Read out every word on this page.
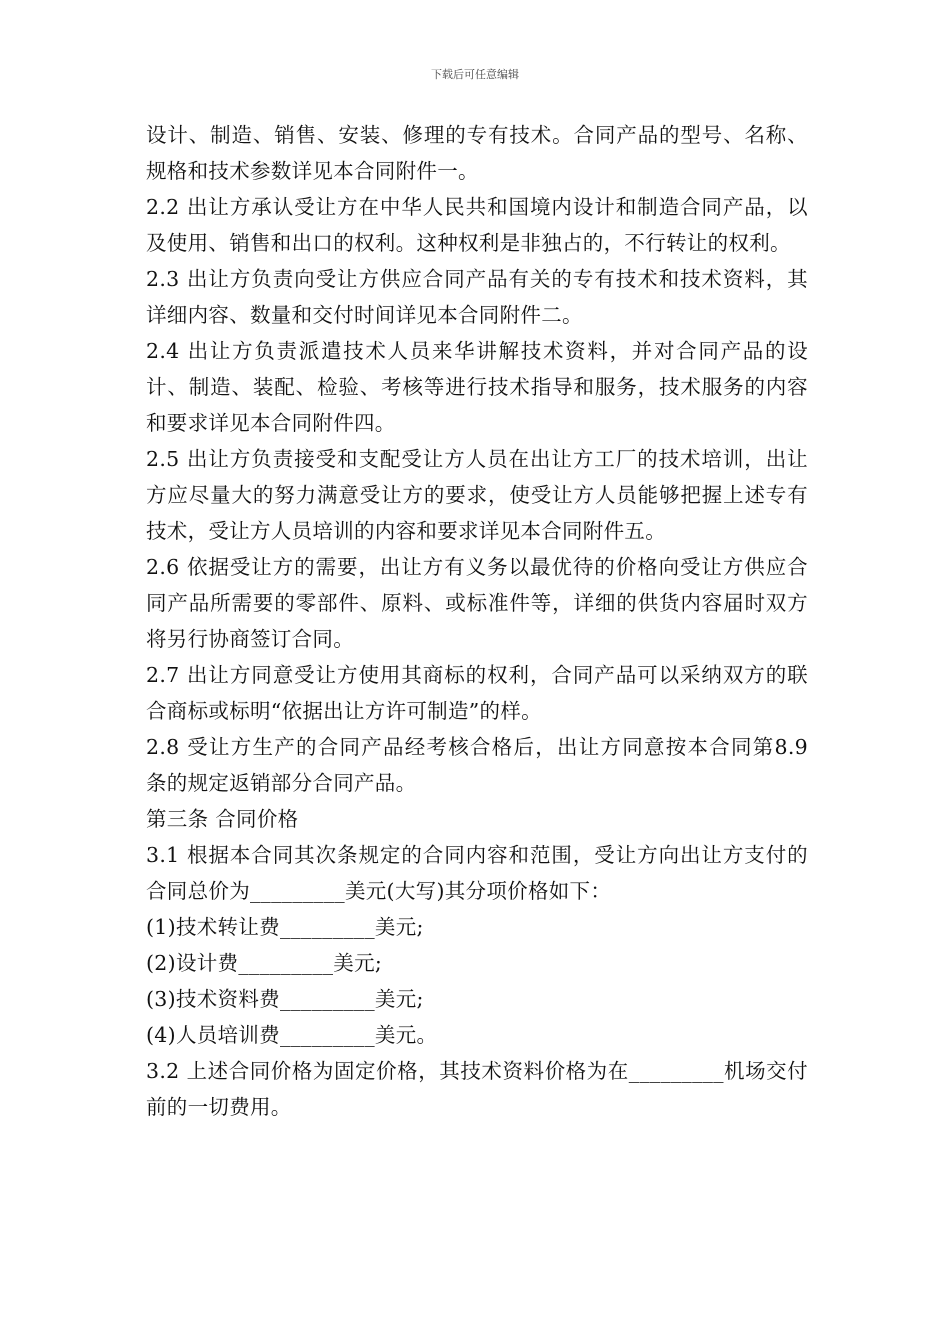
下载后可任意编辑

设计、制造、销售、安装、修理的专有技术。合同产品的型号、名称、规格和技术参数详见本合同附件一。

2.2 出让方承认受让方在中华人民共和国境内设计和制造合同产品，以及使用、销售和出口的权利。这种权利是非独占的，不行转让的权利。

2.3 出让方负责向受让方供应合同产品有关的专有技术和技术资料，其详细内容、数量和交付时间详见本合同附件二。

2.4 出让方负责派遣技术人员来华讲解技术资料，并对合同产品的设计、制造、装配、检验、考核等进行技术指导和服务，技术服务的内容和要求详见本合同附件四。

2.5 出让方负责接受和支配受让方人员在出让方工厂的技术培训，出让方应尽量大的努力满意受让方的要求，使受让方人员能够把握上述专有技术，受让方人员培训的内容和要求详见本合同附件五。

2.6 依据受让方的需要，出让方有义务以最优待的价格向受让方供应合同产品所需要的零部件、原料、或标准件等，详细的供货内容届时双方将另行协商签订合同。

2.7 出让方同意受让方使用其商标的权利，合同产品可以采纳双方的联合商标或标明“依据出让方许可制造”的样。

2.8 受让方生产的合同产品经考核合格后，出让方同意按本合同第8.9 条的规定返销部分合同产品。

第三条 合同价格

3.1 根据本合同其次条规定的合同内容和范围，受让方向出让方支付的合同总价为_________美元(大写)其分项价格如下：

(1)技术转让费_________美元;

(2)设计费_________美元;

(3)技术资料费_________美元;

(4)人员培训费_________美元。

3.2 上述合同价格为固定价格，其技术资料价格为在_________机场交付前的一切费用。
